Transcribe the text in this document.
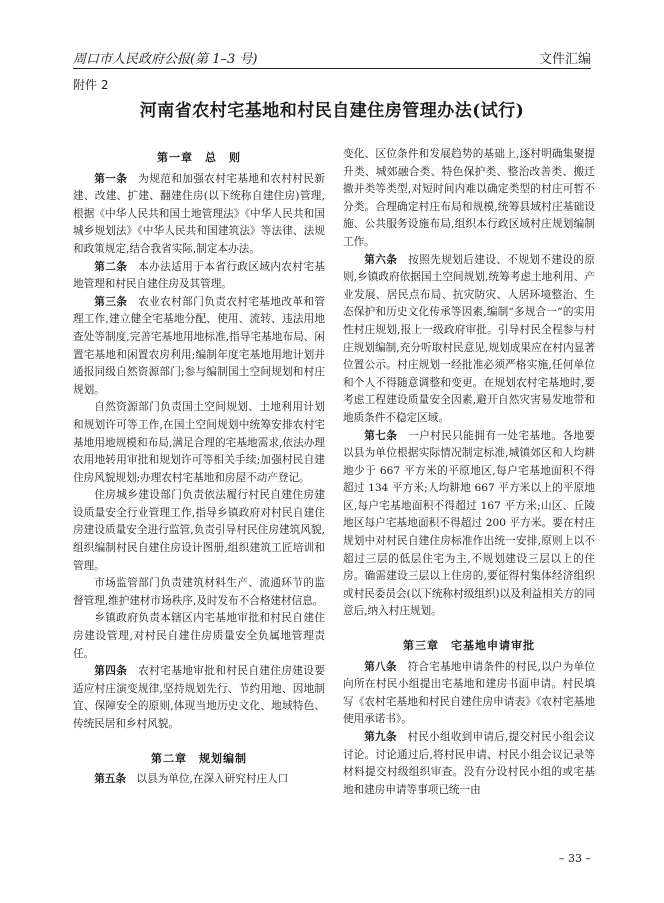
周口市人民政府公报(第 1–3 号)	文件汇编
附件 2
河南省农村宅基地和村民自建住房管理办法(试行)
第一章　总　则

第一条　为规范和加强农村宅基地和农村村民新建、改建、扩建、翻建住房(以下统称自建住房)管理,根据《中华人民共和国土地管理法》《中华人民共和国城乡规划法》《中华人民共和国建筑法》等法律、法规和政策规定,结合我省实际,制定本办法。

第二条　本办法适用于本省行政区域内农村宅基地管理和村民自建住房及其管理。

第三条　农业农村部门负责农村宅基地改革和管理工作,建立健全宅基地分配、使用、流转、违法用地查处等制度,完善宅基地用地标准,指导宅基地布局、闲置宅基地和闲置农房利用;编制年度宅基地用地计划并通报同级自然资源部门;参与编制国土空间规划和村庄规划。

自然资源部门负责国土空间规划、土地利用计划和规划许可等工作,在国土空间规划中统筹安排农村宅基地用地规模和布局,满足合理的宅基地需求,依法办理农用地转用审批和规划许可等相关手续;加强村民自建住房风貌规划;办理农村宅基地和房屋不动产登记。

住房城乡建设部门负责依法履行村民自建住房建设质量安全行业管理工作,指导乡镇政府对村民自建住房建设质量安全进行监管,负责引导村民住房建筑风貌,组织编制村民自建住房设计图册,组织建筑工匠培训和管理。

市场监管部门负责建筑材料生产、流通环节的监督管理,维护建材市场秩序,及时发布不合格建材信息。

乡镇政府负责本辖区内宅基地审批和村民自建住房建设管理,对村民自建住房质量安全负属地管理责任。

第四条　农村宅基地审批和村民自建住房建设要适应村庄演变规律,坚持规划先行、节约用地、因地制宜、保障安全的原则,体现当地历史文化、地域特色、传统民居和乡村风貌。

第二章　规划编制

第五条　以县为单位,在深入研究村庄人口

变化、区位条件和发展趋势的基础上,逐村明确集聚提升类、城郊融合类、特色保护类、整治改善类、搬迁撤并类等类型,对短时间内难以确定类型的村庄可暂不分类。合理确定村庄布局和规模,统筹县域村庄基础设施、公共服务设施布局,组织本行政区域村庄规划编制工作。

第六条　按照先规划后建设、不规划不建设的原则,乡镇政府依据国土空间规划,统筹考虑土地利用、产业发展、居民点布局、抗灾防灾、人居环境整治、生态保护和历史文化传承等因素,编制“多规合一”的实用性村庄规划,报上一级政府审批。引导村民全程参与村庄规划编制,充分听取村民意见,规划成果应在村内显著位置公示。村庄规划一经批准必须严格实施,任何单位和个人不得随意调整和变更。在规划农村宅基地时,要考虑工程建设质量安全因素,避开自然灾害易发地带和地质条件不稳定区域。

第七条　一户村民只能拥有一处宅基地。各地要以县为单位根据实际情况制定标准,城镇郊区和人均耕地少于 667 平方米的平原地区,每户宅基地面积不得超过 134 平方米;人均耕地 667 平方米以上的平原地区,每户宅基地面积不得超过 167 平方米;山区、丘陵地区每户宅基地面积不得超过 200 平方米。要在村庄规划中对村民自建住房标准作出统一安排,原则上以不超过三层的低层住宅为主,不规划建设三层以上的住房。确需建设三层以上住房的,要征得村集体经济组织或村民委员会(以下统称村级组织)以及利益相关方的同意后,纳入村庄规划。

第三章　宅基地申请审批

第八条　符合宅基地申请条件的村民,以户为单位向所在村民小组提出宅基地和建房书面申请。村民填写《农村宅基地和村民自建住房申请表》《农村宅基地使用承诺书》。

第九条　村民小组收到申请后,提交村民小组会议讨论。讨论通过后,将村民申请、村民小组会议记录等材料提交村级组织审查。没有分设村民小组的或宅基地和建房申请等事项已统一由

– 33 –
